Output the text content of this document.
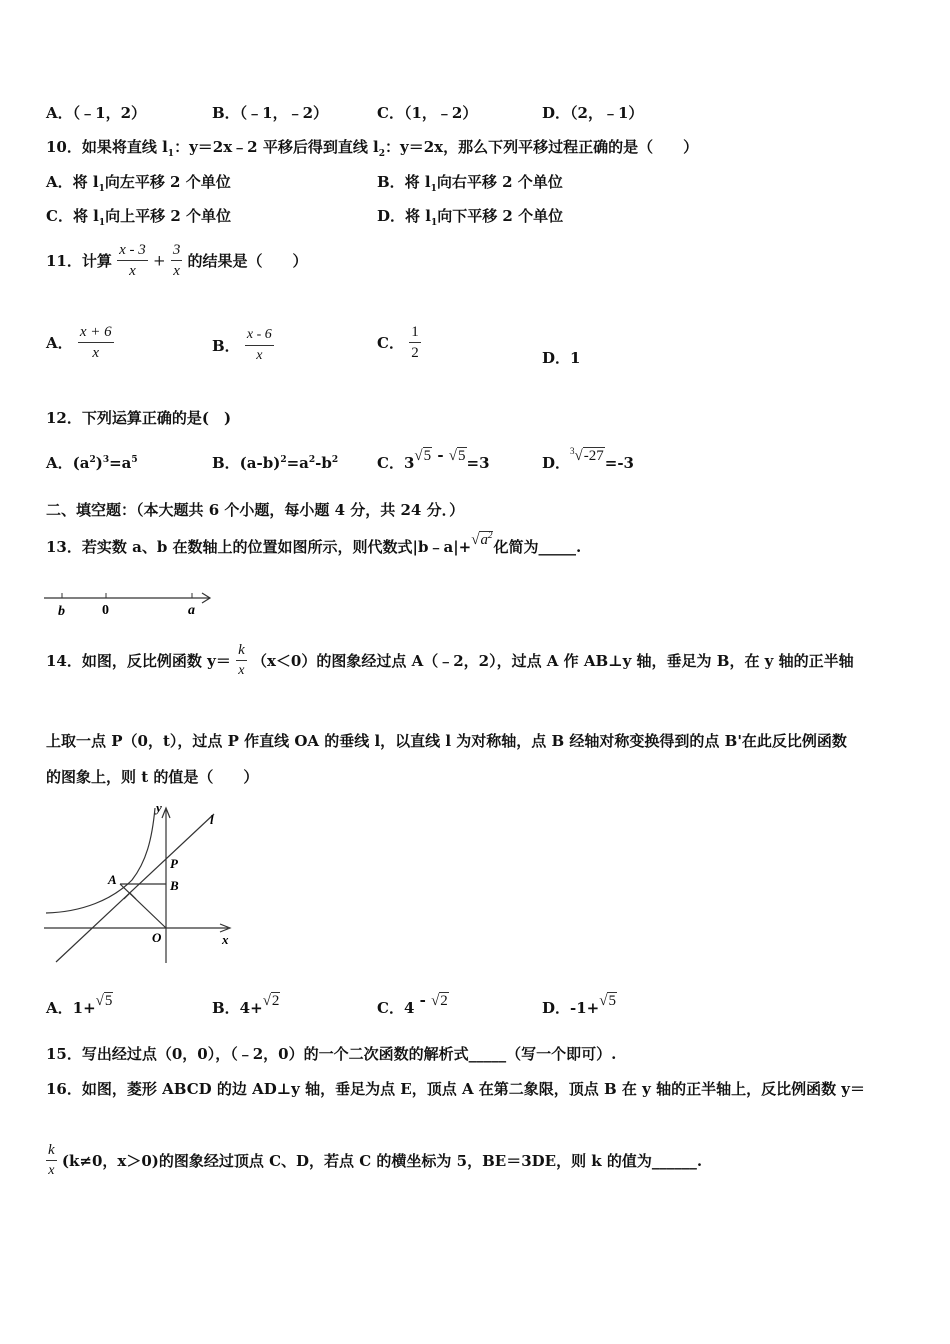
A．（﹣1，2）	B．（﹣1，﹣2）	C．（1，﹣2）	D．（2，﹣1）
10．如果将直线 $l_1$：y＝2x﹣2 平移后得到直线 $l_2$：y＝2x，那么下列平移过程正确的是（　　）
A．将 $l_1$向左平移 2 个单位	B．将 $l_1$向右平移 2 个单位
C．将 $l_1$向上平移 2 个单位	D．将 $l_1$向下平移 2 个单位
11．计算 $\frac{x - 3}{x} + \frac{3}{x}$ 的结果是（　　）
A． $\frac{x + 6}{x}$	B． $\frac{x - 6}{x}$	C． $\frac{1}{2}$	D．1
12．下列运算正确的是(　)
A．$(a^2)^3=a^5$	B．$(a-b)^2=a^2-b^2$	C．3√5 - √5=3	D．$^3$√-27=-3
二、填空题：（本大题共 6 个小题，每小题 4 分，共 24 分．）
13．若实数 a、b 在数轴上的位置如图所示，则代数式$|b﹣a|+√a^2$化简为_____.
b	0	a
14．如图，反比例函数 $y= \frac{k}{x} (x<0)$的图象经过点 A（﹣2，2），过点 A 作 AB⊥y 轴，垂足为 B，在 y 轴的正半轴
上取一点 P（0，t），过点 P 作直线 OA 的垂线 l，以直线 l 为对称轴，点 B 经轴对称变换得到的点 B'在此反比例函数
的图象上，则 t 的值是（　　）
y
l
P
A	B
O	x
A．1+√5	B．4+√2	C．4 - √2	D．-1+√5
15．写出经过点（0，0），（﹣2，0）的一个二次函数的解析式_____（写一个即可）.
16．如图，菱形 ABCD 的边 AD⊥y 轴，垂足为点 E，顶点 A 在第二象限，顶点 B 在 y 轴的正半轴上，反比例函数 y＝
$\frac{k}{x} (k\ne 0$，x＞0)的图象经过顶点 C、D，若点 C 的横坐标为 5，BE＝3DE，则 k 的值为______.
